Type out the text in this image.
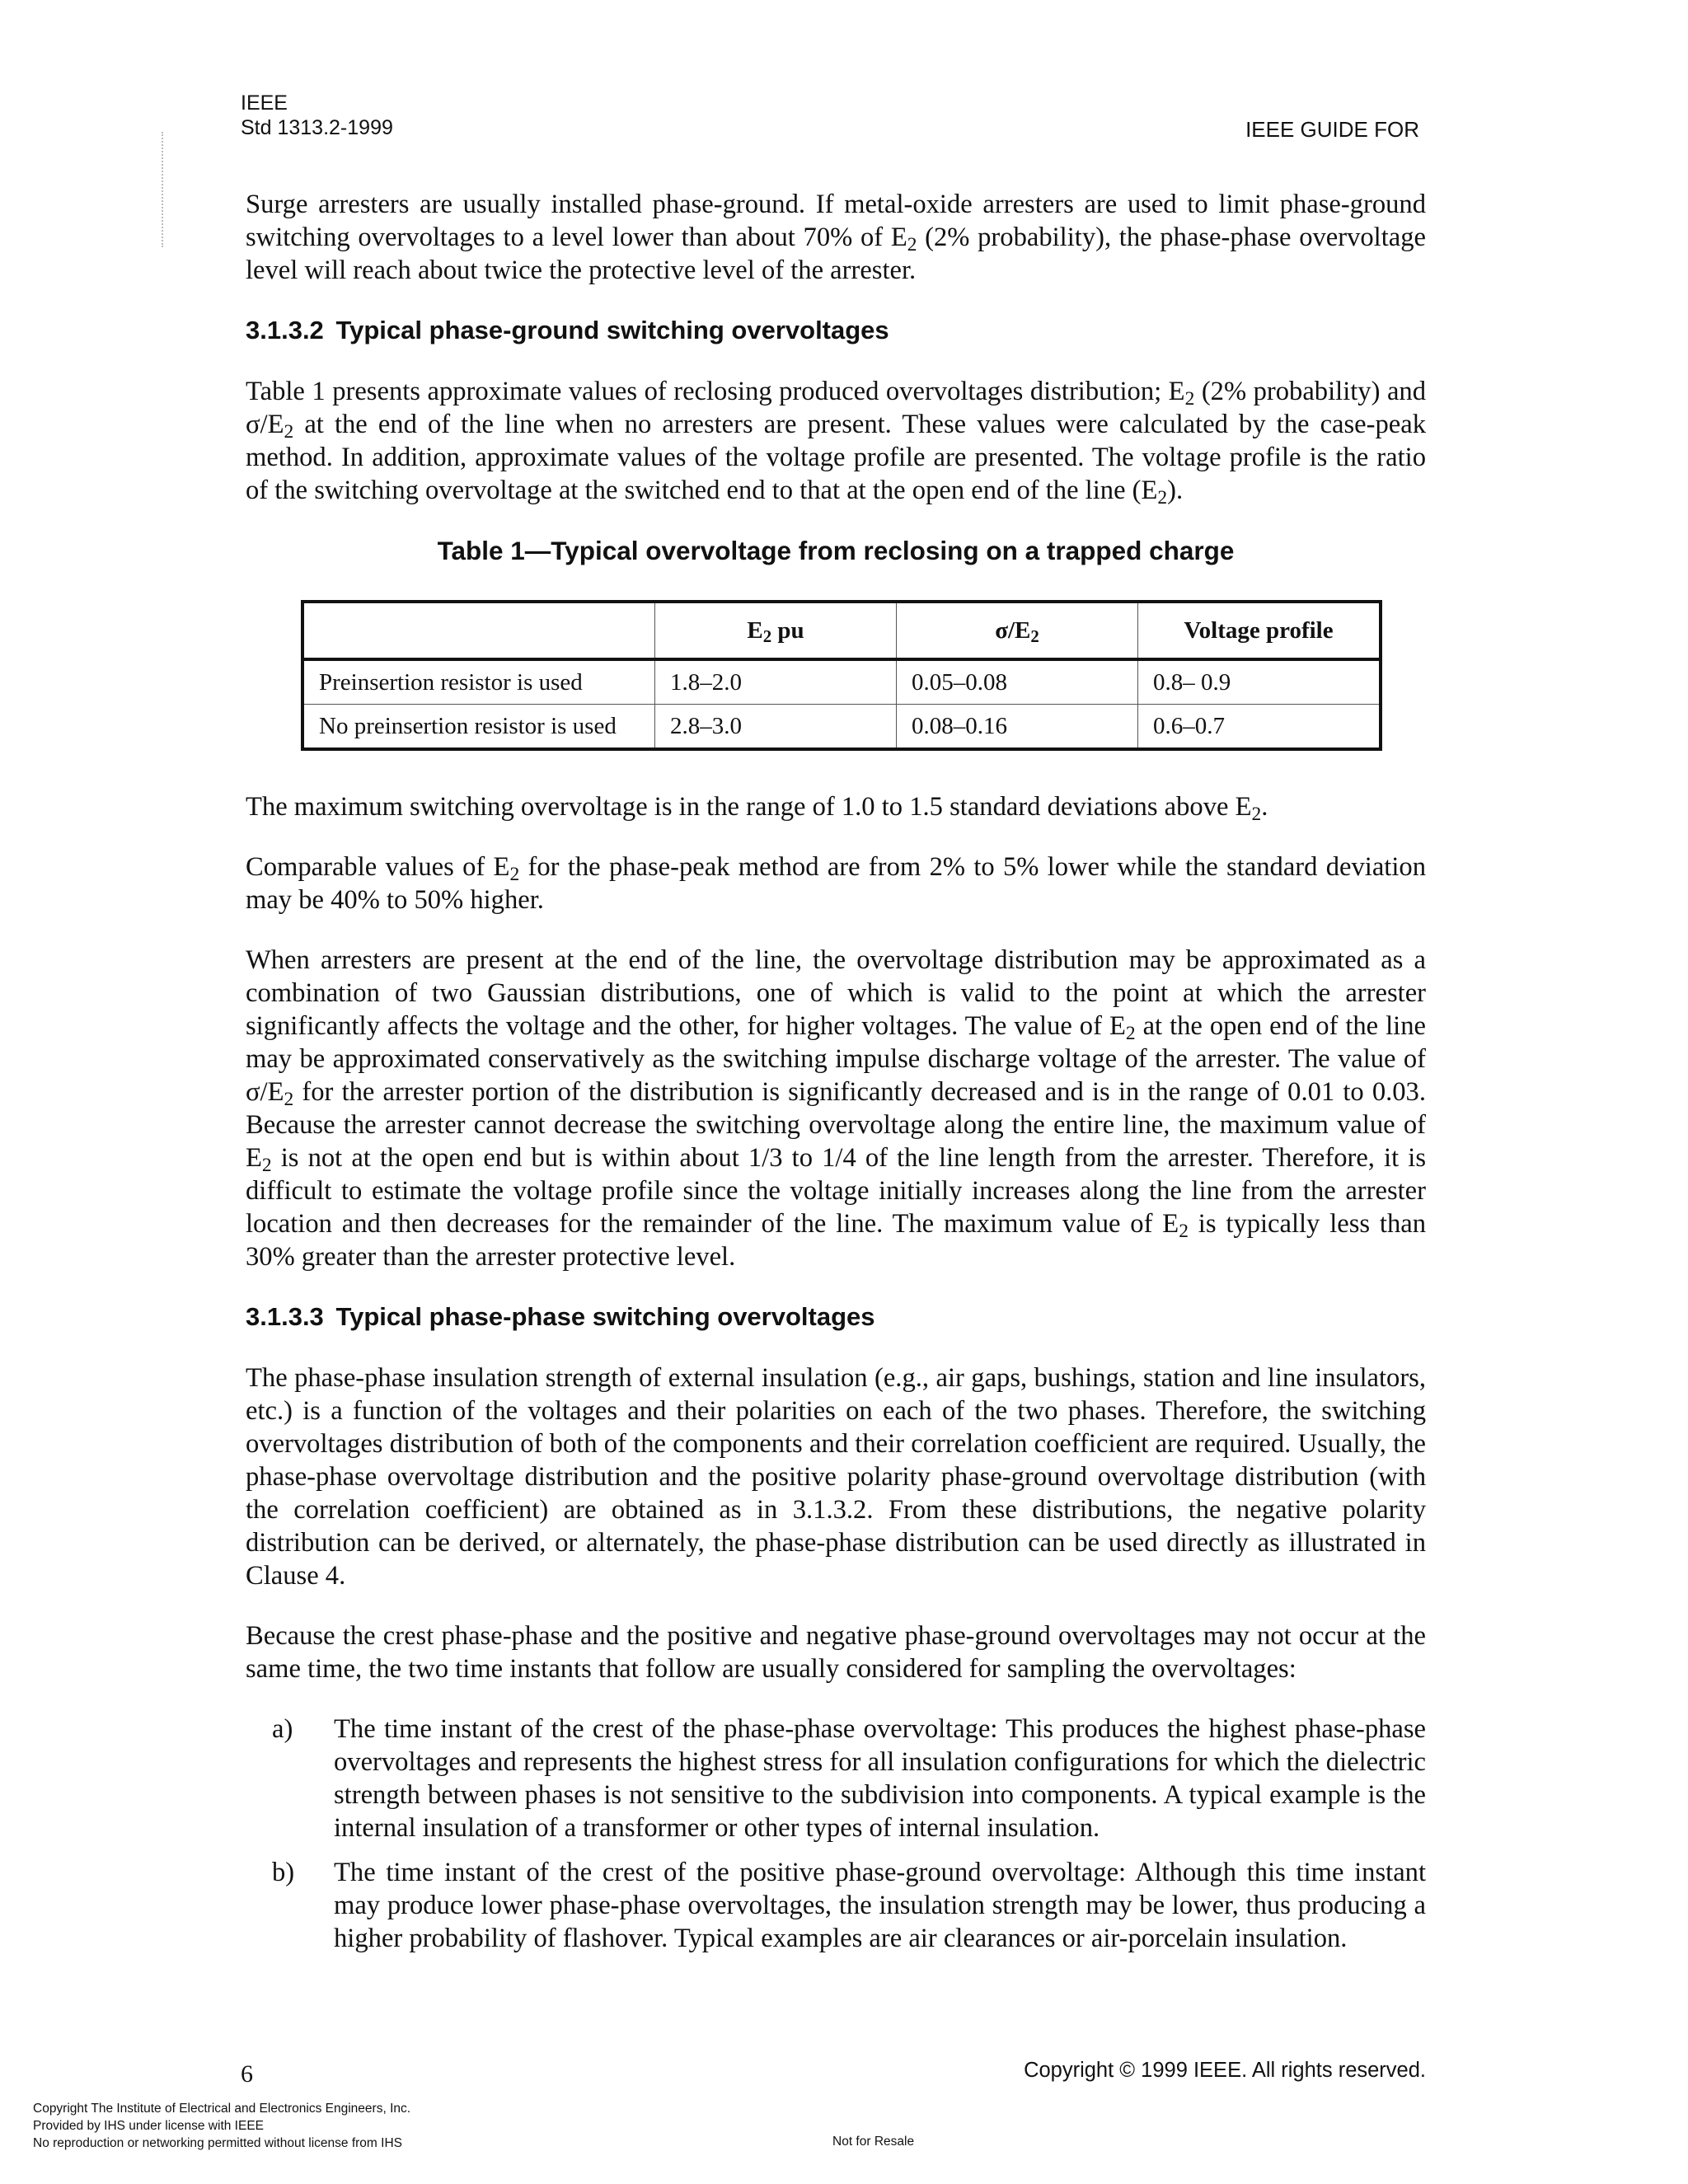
IEEE
Std 1313.2-1999	IEEE GUIDE FOR

Surge arresters are usually installed phase-ground. If metal-oxide arresters are used to limit phase-ground switching overvoltages to a level lower than about 70% of $E_2$ (2% probability), the phase-phase overvoltage level will reach about twice the protective level of the arrester.

3.1.3.2 Typical phase-ground switching overvoltages

Table 1 presents approximate values of reclosing produced overvoltages distribution; $E_2$ (2% probability) and $\sigma/E_2$ at the end of the line when no arresters are present. These values were calculated by the case-peak method. In addition, approximate values of the voltage profile are presented. The voltage profile is the ratio of the switching overvoltage at the switched end to that at the open end of the line $(E_2)$.

Table 1—Typical overvoltage from reclosing on a trapped charge
	$E_2$ pu	$\sigma/E_2$	Voltage profile
Preinsertion resistor is used	1.8–2.0	0.05–0.08	0.8– 0.9
No preinsertion resistor is used	2.8–3.0	0.08–0.16	0.6–0.7

The maximum switching overvoltage is in the range of 1.0 to 1.5 standard deviations above $E_2$.

Comparable values of $E_2$ for the phase-peak method are from 2% to 5% lower while the standard deviation may be 40% to 50% higher.

When arresters are present at the end of the line, the overvoltage distribution may be approximated as a combination of two Gaussian distributions, one of which is valid to the point at which the arrester significantly affects the voltage and the other, for higher voltages. The value of $E_2$ at the open end of the line may be approximated conservatively as the switching impulse discharge voltage of the arrester. The value of $\sigma/E_2$ for the arrester portion of the distribution is significantly decreased and is in the range of 0.01 to 0.03. Because the arrester cannot decrease the switching overvoltage along the entire line, the maximum value of $E_2$ is not at the open end but is within about 1/3 to 1/4 of the line length from the arrester. Therefore, it is difficult to estimate the voltage profile since the voltage initially increases along the line from the arrester location and then decreases for the remainder of the line. The maximum value of $E_2$ is typically less than 30% greater than the arrester protective level.

3.1.3.3 Typical phase-phase switching overvoltages

The phase-phase insulation strength of external insulation (e.g., air gaps, bushings, station and line insulators, etc.) is a function of the voltages and their polarities on each of the two phases. Therefore, the switching overvoltages distribution of both of the components and their correlation coefficient are required. Usually, the phase-phase overvoltage distribution and the positive polarity phase-ground overvoltage distribution (with the correlation coefficient) are obtained as in 3.1.3.2. From these distributions, the negative polarity distribution can be derived, or alternately, the phase-phase distribution can be used directly as illustrated in Clause 4.

Because the crest phase-phase and the positive and negative phase-ground overvoltages may not occur at the same time, the two time instants that follow are usually considered for sampling the overvoltages:

a)	The time instant of the crest of the phase-phase overvoltage: This produces the highest phase-phase overvoltages and represents the highest stress for all insulation configurations for which the dielectric strength between phases is not sensitive to the subdivision into components. A typical example is the internal insulation of a transformer or other types of internal insulation.
b)	The time instant of the crest of the positive phase-ground overvoltage: Although this time instant may produce lower phase-phase overvoltages, the insulation strength may be lower, thus producing a higher probability of flashover. Typical examples are air clearances or air-porcelain insulation.
6	Copyright © 1999 IEEE. All rights reserved.
Copyright The Institute of Electrical and Electronics Engineers, Inc.
Provided by IHS under license with IEEE
No reproduction or networking permitted without license from IHS	Not for Resale
